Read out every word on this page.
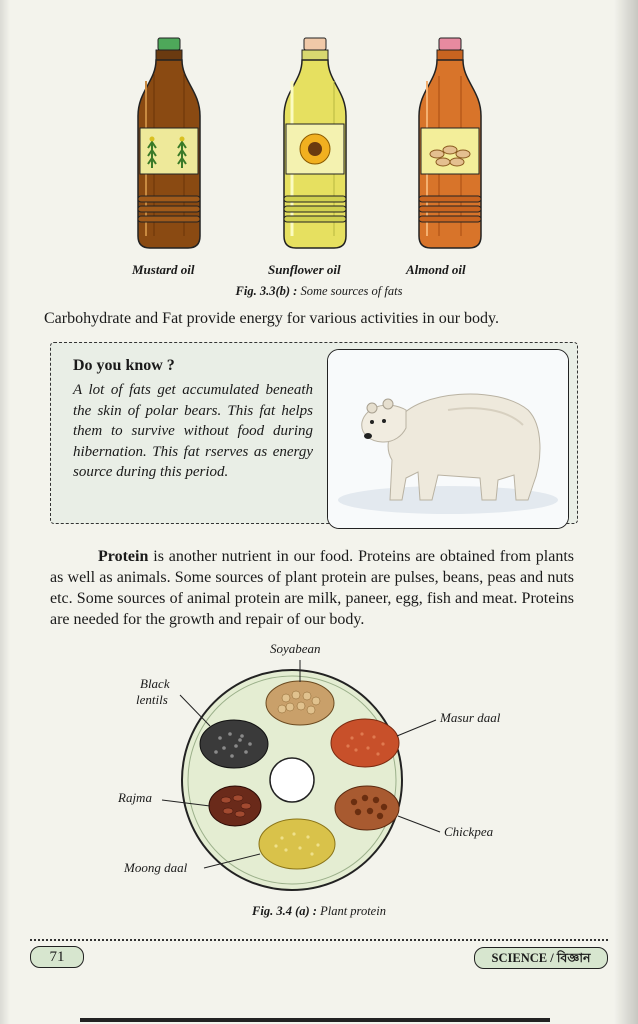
Mustard oil	Sunflower oil	Almond oil
Fig. 3.3(b) : Some sources of fats
Carbohydrate and Fat provide energy for various activities in our body.
Do you know ?
A lot of fats get accumulated beneath the skin of polar bears. This fat helps them to survive without food during hibernation. This fat rserves as energy source during this period.

Protein is another nutrient in our food. Proteins are obtained from plants as well as animals. Some sources of plant protein are pulses, beans, peas and nuts etc. Some sources of animal protein are milk, paneer, egg, fish and meat. Proteins are needed for the growth and repair of our body.

Soyabean
Black
lentils
Masur daal
Rajma
Chickpea
Moong daal
Fig. 3.4 (a) : Plant protein
71	SCIENCE / বিজ্ঞান
